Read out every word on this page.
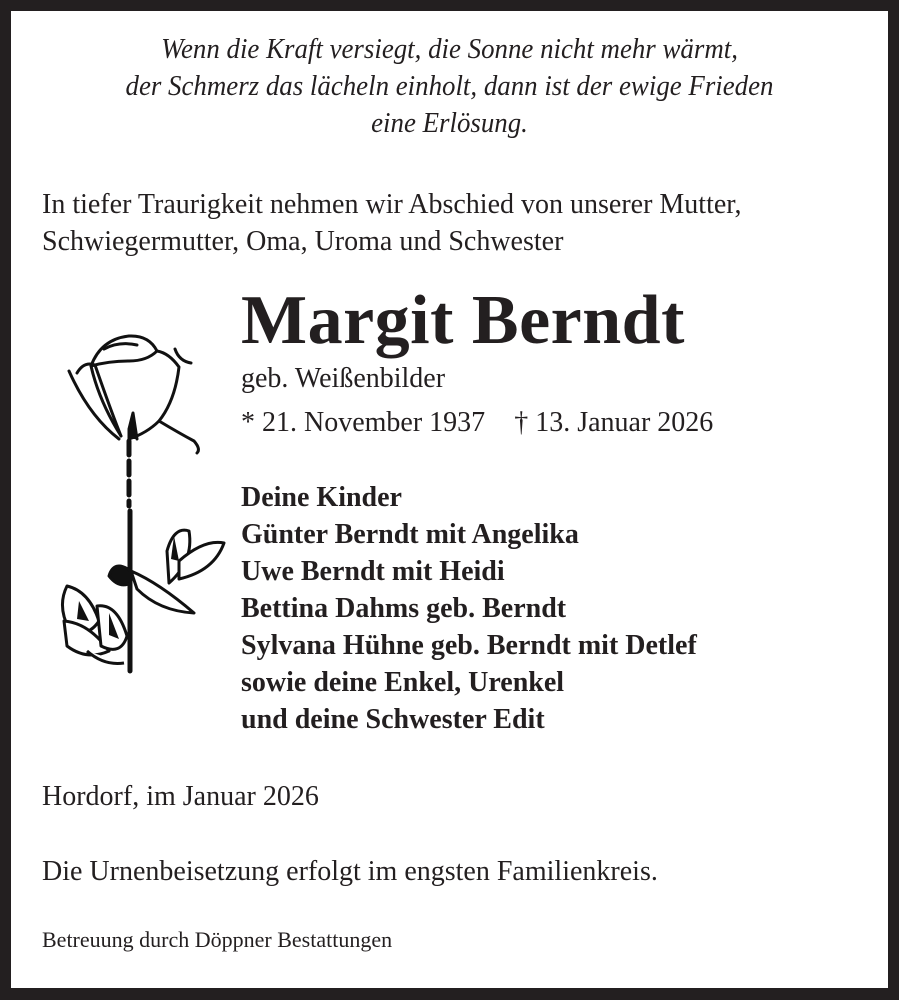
Wenn die Kraft versiegt, die Sonne nicht mehr wärmt,
der Schmerz das lächeln einholt, dann ist der ewige Frieden
eine Erlösung.
In tiefer Traurigkeit nehmen wir Abschied von unserer Mutter,
Schwiegermutter, Oma, Uroma und Schwester
Margit Berndt
geb. Weißenbilder
* 21. November 1937 † 13. Januar 2026
Deine Kinder
Günter Berndt mit Angelika
Uwe Berndt mit Heidi
Bettina Dahms geb. Berndt
Sylvana Hühne geb. Berndt mit Detlef
sowie deine Enkel, Urenkel
und deine Schwester Edit
Hordorf, im Januar 2026
Die Urnenbeisetzung erfolgt im engsten Familienkreis.
Betreuung durch Döppner Bestattungen
